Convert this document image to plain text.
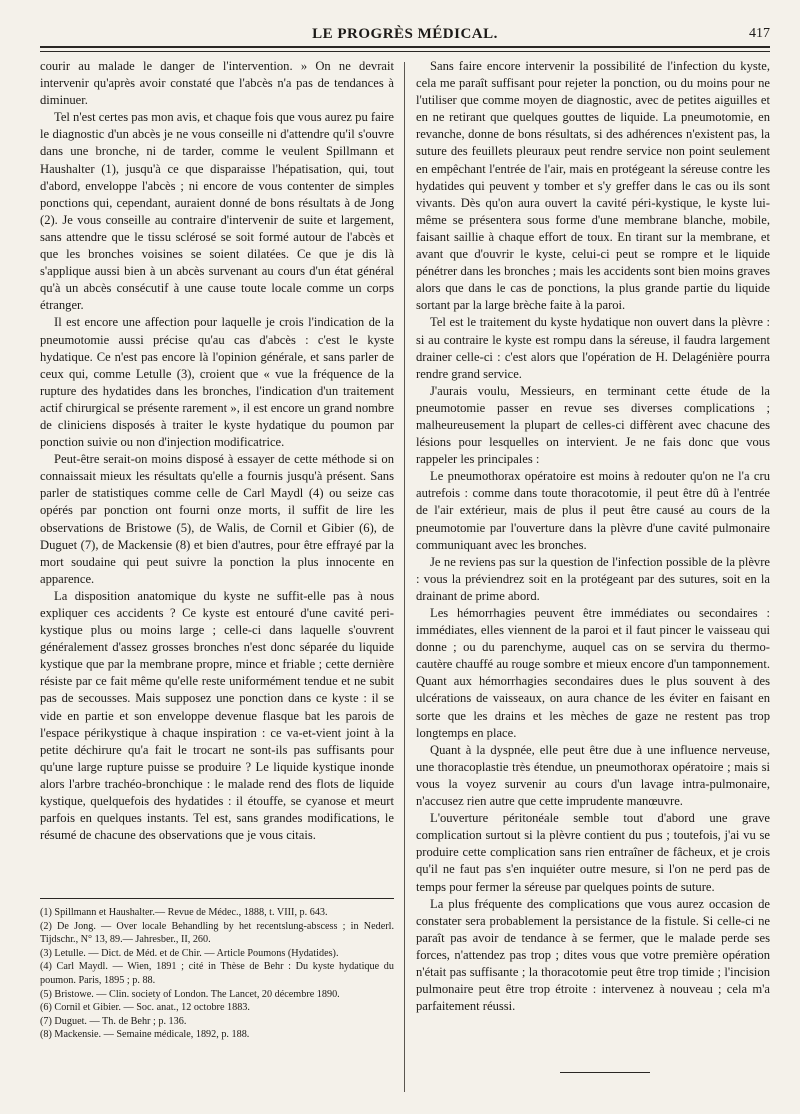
LE PROGRÈS MÉDICAL.	417

courir au malade le danger de l'intervention. » On ne devrait intervenir qu'après avoir constaté que l'abcès n'a pas de tendances à diminuer.

Tel n'est certes pas mon avis, et chaque fois que vous aurez pu faire le diagnostic d'un abcès je ne vous conseille ni d'attendre qu'il s'ouvre dans une bronche, ni de tarder, comme le veulent Spillmann et Haushalter (1), jusqu'à ce que disparaisse l'hépatisation, qui, tout d'abord, enveloppe l'abcès ; ni encore de vous contenter de simples ponctions qui, cependant, auraient donné de bons résultats à de Jong (2). Je vous conseille au contraire d'intervenir de suite et largement, sans attendre que le tissu sclérosé se soit formé autour de l'abcès et que les bronches voisines se soient dilatées. Ce que je dis là s'applique aussi bien à un abcès survenant au cours d'un état général qu'à un abcès consécutif à une cause toute locale comme un corps étranger.

Il est encore une affection pour laquelle je crois l'indication de la pneumotomie aussi précise qu'au cas d'abcès : c'est le kyste hydatique. Ce n'est pas encore là l'opinion générale, et sans parler de ceux qui, comme Letulle (3), croient que « vue la fréquence de la rupture des hydatides dans les bronches, l'indication d'un traitement actif chirurgical se présente rarement », il est encore un grand nombre de cliniciens disposés à traiter le kyste hydatique du poumon par ponction suivie ou non d'injection modificatrice.

Peut-être serait-on moins disposé à essayer de cette méthode si on connaissait mieux les résultats qu'elle a fournis jusqu'à présent. Sans parler de statistiques comme celle de Carl Maydl (4) ou seize cas opérés par ponction ont fourni onze morts, il suffit de lire les observations de Bristowe (5), de Walis, de Cornil et Gibier (6), de Duguet (7), de Mackensie (8) et bien d'autres, pour être effrayé par la mort soudaine qui peut suivre la ponction la plus innocente en apparence.

La disposition anatomique du kyste ne suffit-elle pas à nous expliquer ces accidents ? Ce kyste est entouré d'une cavité peri-kystique plus ou moins large ; celle-ci dans laquelle s'ouvrent généralement d'assez grosses bronches n'est donc séparée du liquide kystique que par la membrane propre, mince et friable ; cette dernière résiste par ce fait même qu'elle reste uniformément tendue et ne subit pas de secousses. Mais supposez une ponction dans ce kyste : il se vide en partie et son enveloppe devenue flasque bat les parois de l'espace périkystique à chaque inspiration : ce va-et-vient joint à la petite déchirure qu'a fait le trocart ne sont-ils pas suffisants pour qu'une large rupture puisse se produire ? Le liquide kystique inonde alors l'arbre trachéo-bronchique : le malade rend des flots de liquide kystique, quelquefois des hydatides : il étouffe, se cyanose et meurt parfois en quelques instants. Tel est, sans grandes modifications, le résumé de chacune des observations que je vous citais.

(1) Spillmann et Haushalter.— Revue de Médec., 1888, t. VIII, p. 643.
(2) De Jong. — Over locale Behandling by het recentslung-abscess ; in Nederl. Tijdschr., N° 13, 89.— Jahresber., II, 260.
(3) Letulle. — Dict. de Méd. et de Chir. — Article Poumons (Hydatides).
(4) Carl Maydl. — Wien, 1891 ; cité in Thèse de Behr : Du kyste hydatique du poumon. Paris, 1895 ; p. 88.
(5) Bristowe. — Clin. society of London. The Lancet, 20 décembre 1890.
(6) Cornil et Gibier. — Soc. anat., 12 octobre 1883.
(7) Duguet. — Th. de Behr ; p. 136.
(8) Mackensie. — Semaine médicale, 1892, p. 188.

Sans faire encore intervenir la possibilité de l'infection du kyste, cela me paraît suffisant pour rejeter la ponction, ou du moins pour ne l'utiliser que comme moyen de diagnostic, avec de petites aiguilles et en ne retirant que quelques gouttes de liquide. La pneumotomie, en revanche, donne de bons résultats, si des adhérences n'existent pas, la suture des feuillets pleuraux peut rendre service non point seulement en empêchant l'entrée de l'air, mais en protégeant la séreuse contre les hydatides qui peuvent y tomber et s'y greffer dans le cas ou ils sont vivants. Dès qu'on aura ouvert la cavité péri-kystique, le kyste lui-même se présentera sous forme d'une membrane blanche, mobile, faisant saillie à chaque effort de toux. En tirant sur la membrane, et avant que d'ouvrir le kyste, celui-ci peut se rompre et le liquide pénétrer dans les bronches ; mais les accidents sont bien moins graves alors que dans le cas de ponctions, la plus grande partie du liquide sortant par la large brèche faite à la paroi.

Tel est le traitement du kyste hydatique non ouvert dans la plèvre : si au contraire le kyste est rompu dans la séreuse, il faudra largement drainer celle-ci : c'est alors que l'opération de H. Delagénière pourra rendre grand service.

J'aurais voulu, Messieurs, en terminant cette étude de la pneumotomie passer en revue ses diverses complications ; malheureusement la plupart de celles-ci diffèrent avec chacune des lésions pour lesquelles on intervient. Je ne fais donc que vous rappeler les principales :

Le pneumothorax opératoire est moins à redouter qu'on ne l'a cru autrefois : comme dans toute thoracotomie, il peut être dû à l'entrée de l'air extérieur, mais de plus il peut être causé au cours de la pneumotomie par l'ouverture dans la plèvre d'une cavité pulmonaire communiquant avec les bronches.

Je ne reviens pas sur la question de l'infection possible de la plèvre : vous la préviendrez soit en la protégeant par des sutures, soit en la drainant de prime abord.

Les hémorrhagies peuvent être immédiates ou secondaires : immédiates, elles viennent de la paroi et il faut pincer le vaisseau qui donne ; ou du parenchyme, auquel cas on se servira du thermo-cautère chauffé au rouge sombre et mieux encore d'un tamponnement. Quant aux hémorrhagies secondaires dues le plus souvent à des ulcérations de vaisseaux, on aura chance de les éviter en faisant en sorte que les drains et les mèches de gaze ne restent pas trop longtemps en place.

Quant à la dyspnée, elle peut être due à une influence nerveuse, une thoracoplastie très étendue, un pneumothorax opératoire ; mais si vous la voyez survenir au cours d'un lavage intra-pulmonaire, n'accusez rien autre que cette imprudente manœuvre.

L'ouverture péritonéale semble tout d'abord une grave complication surtout si la plèvre contient du pus ; toutefois, j'ai vu se produire cette complication sans rien entraîner de fâcheux, et je crois qu'il ne faut pas s'en inquiéter outre mesure, si l'on ne perd pas de temps pour fermer la séreuse par quelques points de suture.

La plus fréquente des complications que vous aurez occasion de constater sera probablement la persistance de la fistule. Si celle-ci ne paraît pas avoir de tendance à se fermer, que le malade perde ses forces, n'attendez pas trop ; dites vous que votre première opération n'était pas suffisante ; la thoracotomie peut être trop timide ; l'incision pulmonaire peut être trop étroite : intervenez à nouveau ; cela m'a parfaitement réussi.
